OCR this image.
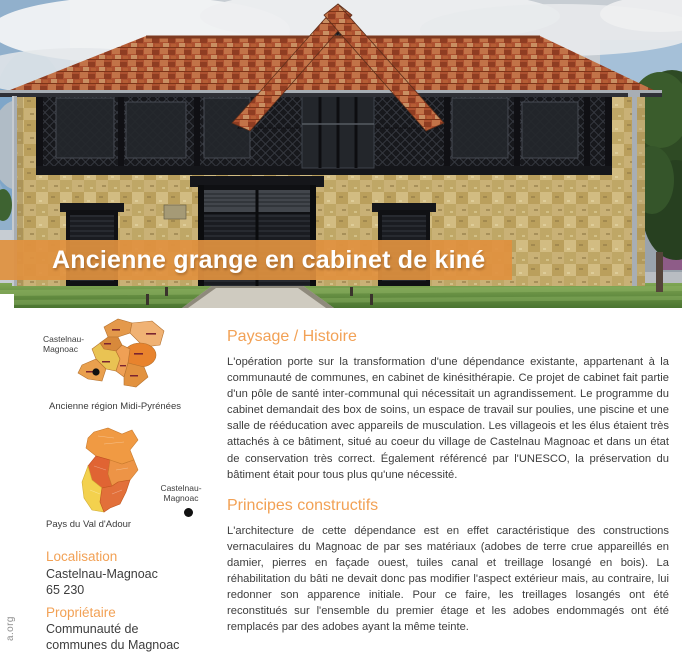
Ancienne grange en cabinet de kiné
Castelnau-
Magnoac
Ancienne région Midi-Pyrénées
Castelnau-
Magnoac
Pays du Val d'Adour
Localisation
Castelnau-Magnoac
65 230
Propriétaire
Communauté de
communes du Magnoac
a.org
Paysage / Histoire

L'opération porte sur la transformation d'une dépendance existante, appartenant à la communauté de communes, en cabinet de kinésithérapie. Ce projet de cabinet fait partie d'un pôle de santé inter-communal qui nécessitait un agrandissement. Le programme du cabinet demandait des box de soins, un espace de travail sur poulies, une piscine et une salle de rééducation avec appareils de musculation. Les villageois et les élus étaient très attachés à ce bâtiment, situé au coeur du village de Castelnau Magnoac et dans un état de conservation très correct. Également référencé par l'UNESCO, la préservation du bâtiment était pour tous plus qu'une nécessité.

Principes constructifs

L'architecture de cette dépendance est en effet caractéristique des constructions vernaculaires du Magnoac de par ses matériaux (adobes de terre crue appareillés en damier, pierres en façade ouest, tuiles canal et treillage losangé en bois). La réhabilitation du bâti ne devait donc pas modifier l'aspect extérieur mais, au contraire, lui redonner son apparence initiale. Pour ce faire, les treillages losangés ont été reconstitués sur l'ensemble du premier étage et les adobes endommagés ont été remplacés par des adobes ayant la même teinte.
